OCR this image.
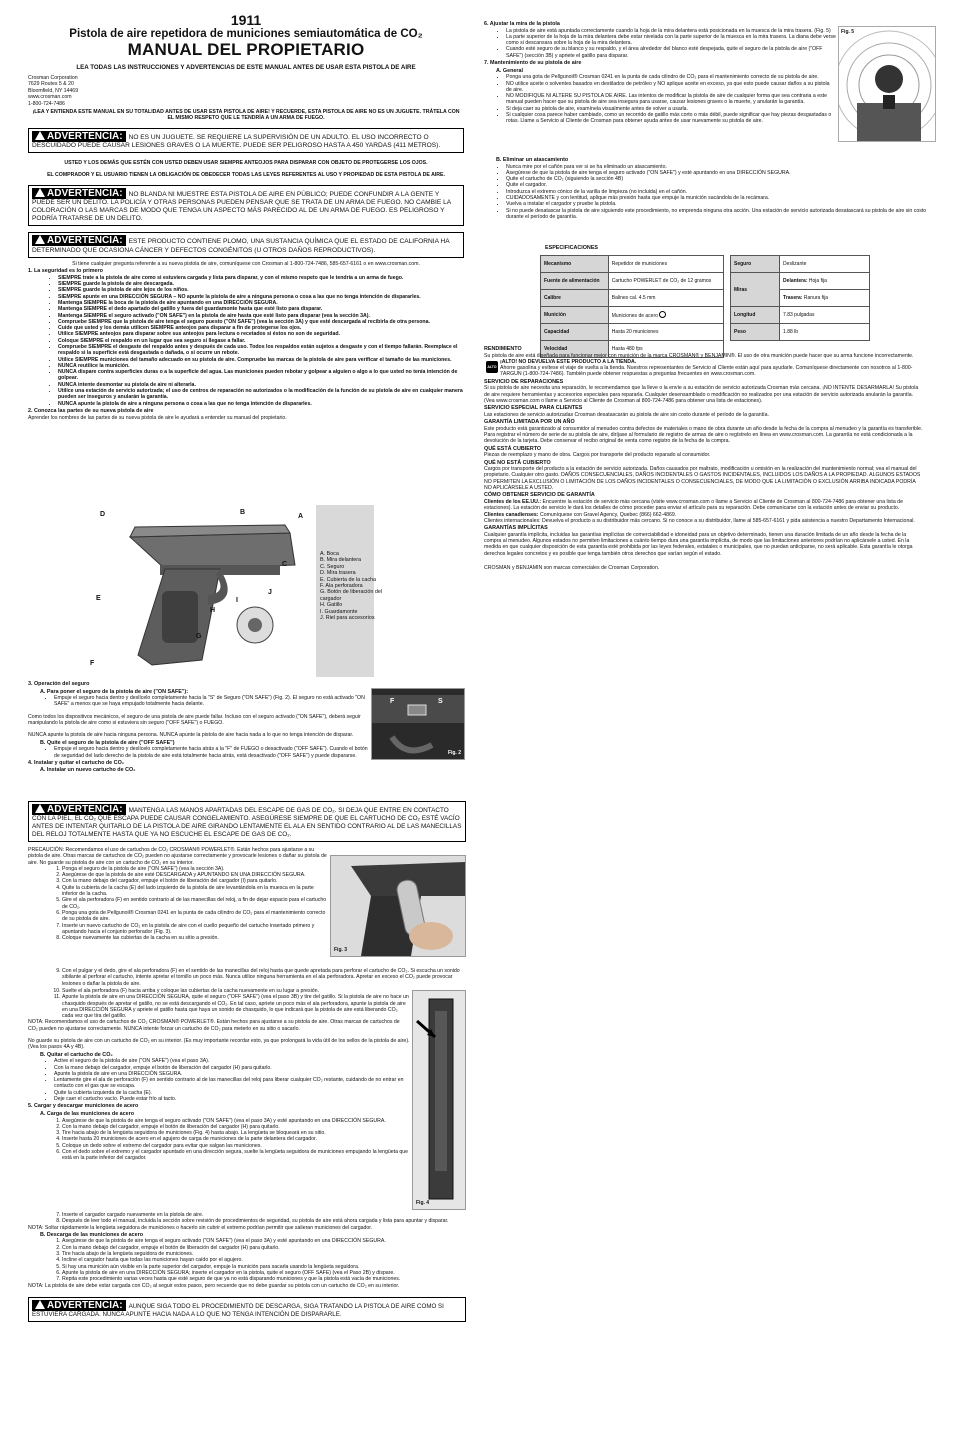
1911

Pistola de aire repetidora de municiones semiautomática de CO₂

MANUAL DEL PROPIETARIO

LEA TODAS LAS INSTRUCCIONES Y ADVERTENCIAS DE ESTE MANUAL ANTES DE USAR ESTA PISTOLA DE AIRE

Crosman Corporation
7629 Routes 5 & 20
Bloomfield, NY 14469
www.crosman.com
1-800-724-7486

¡LEA Y ENTIENDA ESTE MANUAL EN SU TOTALIDAD ANTES DE USAR ESTA PISTOLA DE AIRE! Y RECUERDE, ESTA PISTOLA DE AIRE NO ES UN JUGUETE. TRÁTELA CON EL MISMO RESPETO QUE LE TENDRÍA A UN ARMA DE FUEGO.

ADVERTENCIA: NO ES UN JUGUETE. SE REQUIERE LA SUPERVISIÓN DE UN ADULTO. EL USO INCORRECTO O DESCUIDADO PUEDE CAUSAR LESIONES GRAVES O LA MUERTE. PUEDE SER PELIGROSO HASTA A 450 YARDAS (411 METROS).

USTED Y LOS DEMÁS QUE ESTÉN CON USTED DEBEN USAR SIEMPRE ANTEOJOS PARA DISPARAR CON OBJETO DE PROTEGERSE LOS OJOS.

EL COMPRADOR Y EL USUARIO TIENEN LA OBLIGACIÓN DE OBEDECER TODAS LAS LEYES REFERENTES AL USO Y PROPIEDAD DE ESTA PISTOLA DE AIRE.

ADVERTENCIA: NO BLANDA NI MUESTRE ESTA PISTOLA DE AIRE EN PÚBLICO; PUEDE CONFUNDIR A LA GENTE Y PUEDE SER UN DELITO. LA POLICÍA Y OTRAS PERSONAS PUEDEN PENSAR QUE SE TRATA DE UN ARMA DE FUEGO. NO CAMBIE LA COLORACIÓN O LAS MARCAS DE MODO QUE TENGA UN ASPECTO MÁS PARECIDO AL DE UN ARMA DE FUEGO. ES PELIGROSO Y PODRÍA TRATARSE DE UN DELITO.
ADVERTENCIA: ESTE PRODUCTO CONTIENE PLOMO, UNA SUSTANCIA QUÍMICA QUE EL ESTADO DE CALIFORNIA HA DETERMINADO QUE OCASIONA CÁNCER Y DEFECTOS CONGÉNITOS (U OTROS DAÑOS REPRODUCTIVOS).

Si tiene cualquier pregunta referente a su nueva pistola de aire, comuníquese con Crosman al 1-800-724-7486, 585-657-6161 o en www.crosman.com.

1. La seguridad es lo primero

• SIEMPRE trate a la pistola de aire como si estuviera cargada y lista para disparar, y con el mismo respeto que le tendría a un arma de fuego.
• SIEMPRE guarde la pistola de aire descargada.
• SIEMPRE guarde la pistola de aire lejos de los niños.
• SIEMPRE apunte en una DIRECCIÓN SEGURA – NO apunte la pistola de aire a ninguna persona o cosa a las que no tenga intención de dispararles.
• Mantenga SIEMPRE la boca de la pistola de aire apuntando en una DIRECCIÓN SEGURA.
• Mantenga SIEMPRE el dedo apartado del gatillo y fuera del guardamonte hasta que esté listo para disparar.
• Mantenga SIEMPRE el seguro activado ("ON SAFE") en la pistola de aire hasta que esté listo para disparar (vea la sección 3A).
• Compruebe SIEMPRE que la pistola de aire tenga el seguro puesto ("ON SAFE") (vea la sección 3A) y que esté descargada al recibirla de otra persona.
• Cuide que usted y los demás utilicen SIEMPRE anteojos para disparar a fin de protegerse los ojos.
• Utilice SIEMPRE anteojos para disparar sobre sus anteojos para lectura o recetados si éstos no son de seguridad.
• Coloque SIEMPRE el respaldo en un lugar que sea seguro si llegase a fallar.
• Compruebe SIEMPRE el desgaste del respaldo antes y después de cada uso. Todos los respaldos están sujetos a desgaste y con el tiempo fallarán. Reemplace el respaldo si la superficie está desgastada o dañada, o si ocurre un rebote.
• Utilice SIEMPRE municiones del tamaño adecuado en su pistola de aire. Compruebe las marcas de la pistola de aire para verificar el tamaño de las municiones.
• NUNCA reutilice la munición.
• NUNCA dispare contra superficies duras o a la superficie del agua. Las municiones pueden rebotar y golpear a alguien o algo a lo que usted no tenía intención de golpear.
• NUNCA intente desmontar su pistola de aire ni alterarla.
• Utilice una estación de servicio autorizada; el uso de centros de reparación no autorizados o la modificación de la función de su pistola de aire en cualquier manera pueden ser inseguros y anularán la garantía.
• NUNCA apunte la pistola de aire a ninguna persona o cosa a las que no tenga intención de dispararles.

2. Conozca las partes de su nueva pistola de aire

Aprender los nombres de las partes de su nueva pistola de aire le ayudará a entender su manual del propietario.

D	B
A
C
J
E	I
H
G
F
A. Boca
B. Mira delantera
C. Seguro
D. Mira trasera
E. Cubierta de la cacha
F. Ala perforadora
G. Botón de liberación del cargador
H. Gatillo
I. Guardamonte
J. Riel para accesorios

3. Operación del seguro

A. Para poner el seguro de la pistola de aire ("ON SAFE"):

• Empuje el seguro hacia dentro y deslícelo completamente hacia la "S" de Seguro ("ON SAFE") (Fig. 2). El seguro no está activado "ON SAFE" a menos que se haya empujado totalmente hacia delante.

Como todos los dispositivos mecánicos, el seguro de una pistola de aire puede fallar. Incluso con el seguro activado ("ON SAFE"), deberá seguir manipulando la pistola de aire como si estuviera sin seguro ("OFF SAFE") o FUEGO.

NUNCA apunte la pistola de aire hacia ninguna persona. NUNCA apunte la pistola de aire hacia nada a lo que no tenga intención de disparar.

B. Quite el seguro de la pistola de aire ("OFF SAFE")

• Empuje el seguro hacia dentro y deslícelo completamente hacia atrás a la "F" de FUEGO o desactivado ("OFF SAFE"). Cuando el botón de seguridad del lado derecho de la pistola de aire está totalmente hacia atrás, está desactivado ("OFF SAFE") y puede dispararse.

4. Instalar y quitar el cartucho de CO₂

A. Instalar un nuevo cartucho de CO₂

F	S
Fig. 2
ADVERTENCIA: MANTENGA LAS MANOS APARTADAS DEL ESCAPE DE GAS DE CO₂. SI DEJA QUE ENTRE EN CONTACTO CON LA PIEL, EL CO₂ QUE ESCAPA PUEDE CAUSAR CONGELAMIENTO. ASEGÚRESE SIEMPRE DE QUE EL CARTUCHO DE CO₂ ESTÉ VACÍO ANTES DE INTENTAR QUITARLO DE LA PISTOLA DE AIRE GIRANDO LENTAMENTE EL ALA EN SENTIDO CONTRARIO AL DE LAS MANECILLAS DEL RELOJ TOTALMENTE HASTA QUE YA NO ESCUCHE EL ESCAPE DE GAS DE CO₂.

PRECAUCIÓN: Recomendamos el uso de cartuchos de CO₂ CROSMAN® POWERLET®. Están hechos para ajustarse a su pistola de aire. Otras marcas de cartuchos de CO₂ pueden no ajustarse correctamente y provocarle lesiones o dañar su pistola de aire. No guarde su pistola de aire con un cartucho de CO₂ en su interior.

1. Ponga el seguro de la pistola de aire ("ON SAFE") (vea la sección 3A).
2. Asegúrese de que la pistola de aire esté DESCARGADA y APUNTANDO EN UNA DIRECCIÓN SEGURA.
3. Con la mano debajo del cargador, empuje el botón de liberación del cargador (I) para quitarlo.
4. Quite la cubierta de la cacha (E) del lado izquierdo de la pistola de aire levantándola en la muesca en la parte inferior de la cacha.
5. Gire el ala perforadora (F) en sentido contrario al de las manecillas del reloj, a fin de dejar espacio para el cartucho de CO₂.
6. Ponga una gota de Pellgunoil® Crosman 0241 en la punta de cada cilindro de CO₂ para el mantenimiento correcto de su pistola de aire.
7. Inserte un nuevo cartucho de CO₂ en la pistola de aire con el cuello pequeño del cartucho insertado primero y apuntando hacia el conjunto perforador (Fig. 3).
8. Coloque nuevamente las cubiertas de la cacha en su sitio a presión.
Fig. 3
9. Con el pulgar y el dedo, gire el ala perforadora (F) en el sentido de las manecillas del reloj hasta que quede apretada para perforar el cartucho de CO₂. Si escucha un sonido sibilante al perforar el cartucho, intente apretar el tornillo un poco más. Nunca utilice ninguna herramienta en el ala perforadora. Apretar en exceso el CO₂ puede provocar lesiones o dañar la pistola de aire.
10. Suelte el ala perforadora (F) hacia arriba y coloque las cubiertas de la cacha nuevamente en su lugar a presión.
11. Apunte la pistola de aire en una DIRECCIÓN SEGURA, quite el seguro ("OFF SAFE") (vea el paso 3B) y tire del gatillo. Si la pistola de aire no hace un chasquido después de apretar el gatillo, no se está descargando el CO₂. En tal caso, apriete un poco más el ala perforadora, apunte la pistola de aire en una DIRECCIÓN SEGURA y apriete el gatillo hasta que haya un sonido de chasquido, lo que indicará que la pistola de aire está liberando CO₂ cada vez que tira del gatillo.

NOTA: Recomendamos el uso de cartuchos de CO₂ CROSMAN® POWERLET®. Están hechos para ajustarse a su pistola de aire. Otras marcas de cartuchos de CO₂ pueden no ajustarse correctamente. NUNCA intente forzar un cartucho de CO₂ para meterlo en su sitio o sacarlo.

No guarde su pistola de aire con un cartucho de CO₂ en su interior. (Es muy importante recordar esto, ya que prolongará la vida útil de los sellos de la pistola de aire). (Vea los pasos 4A y 4B).

B. Quitar el cartucho de CO₂

• Active el seguro de la pistola de aire ("ON SAFE") (vea el paso 3A).
• Con la mano debajo del cargador, empuje el botón de liberación del cargador (H) para quitarlo.
• Apunte la pistola de aire en una DIRECCIÓN SEGURA.
• Lentamente gire el ala de perforación (F) en sentido contrario al de las manecillas del reloj para liberar cualquier CO₂ restante, cuidando de no entrar en contacto con el gas que se escapa.
• Quite la cubierta izquierda de la cacha (E).
• Deje caer el cartucho vacío. Puede estar frío al tacto.

5. Cargar y descargar municiones de acero

A. Carga de las municiones de acero

1. Asegúrese de que la pistola de aire tenga el seguro activado ("ON SAFE") (vea el paso 3A) y esté apuntando en una DIRECCIÓN SEGURA.
2. Con la mano debajo del cargador, empuje el botón de liberación del cargador (H) para quitarlo.
3. Tire hacia abajo de la lengüeta seguidora de municiones (Fig. 4) hasta abajo. La lengüeta se bloqueará en su sitio.
4. Inserte hasta 20 municiones de acero en el agujero de carga de municiones de la parte delantera del cargador.
5. Coloque un dedo sobre el extremo del cargador para evitar que salgan las municiones.
6. Con el dedo sobre el extremo y el cargador apuntado en una dirección segura, suelte la lengüeta seguidora de municiones empujando la lengüeta que está en la parte inferior del cargador.
Fig. 4
7. Inserte el cargador cargado nuevamente en la pistola de aire.
8. Después de leer todo el manual, incluida la sección sobre revisión de procedimientos de seguridad, su pistola de aire está ahora cargada y lista para apuntar y disparar.

NOTA: Soltar rápidamente la lengüeta seguidora de municiones o hacerlo sin cubrir el extremo podrían permitir que salieran municiones del cargador.

B. Descarga de las municiones de acero

1. Asegúrese de que la pistola de aire tenga el seguro activado ("ON SAFE") (vea el paso 3A) y esté apuntando en una DIRECCIÓN SEGURA.
2. Con la mano debajo del cargador, empuje el botón de liberación del cargador (H) para quitarlo.
3. Tire hacia abajo de la lengüeta seguidora de municiones.
4. Incline el cargador hasta que todas las municiones hayan caído por el agujero.
5. Si hay una munición aún visible en la parte superior del cargador, empuje la munición para sacarla usando la lengüeta seguidora.
6. Apunte la pistola de aire en una DIRECCIÓN SEGURA; inserte el cargador en la pistola, quite el seguro (OFF SAFE) (vea el Paso 2B) y dispare.
7. Repita este procedimiento varias veces hasta que esté seguro de que ya no está disparando municiones y que la pistola está vacía de municiones.

NOTA: La pistola de aire debe estar cargada con CO₂ al seguir estos pasos, pero recuerde que no debe guardar su pistola con un cartucho de CO₂ en su interior.

ADVERTENCIA: AUNQUE SIGA TODO EL PROCEDIMIENTO DE DESCARGA, SIGA TRATANDO LA PISTOLA DE AIRE COMO SI ESTUVIERA CARGADA. NUNCA APUNTE HACIA NADA A LO QUE NO TENGA INTENCIÓN DE DISPARARLE.

6. Ajustar la mira de la pistola

• La pistola de aire está apuntada correctamente cuando la hoja de la mira delantera está posicionada en la muesca de la mira trasera. (Fig. 5)
• La parte superior de la hoja de la mira delantera debe estar nivelada con la parte superior de la muesca en la mira trasera. La diana debe verse como si descansara sobre la hoja de la mira delantera.
• Cuando esté seguro de su blanco y su respaldo, y el área alrededor del blanco esté despejada, quite el seguro de la pistola de aire ("OFF SAFE") (sección 3B) y apriete el gatillo para disparar.

7. Mantenimiento de su pistola de aire

A. General

• Ponga una gota de Pellgunoil® Crosman 0241 en la punta de cada cilindro de CO₂ para el mantenimiento correcto de su pistola de aire.
• NO utilice aceite o solventes basados en destilados de petróleo y NO aplique aceite en exceso, ya que esto puede causar daños a su pistola de aire.
• NO MODIFIQUE NI ALTERE SU PISTOLA DE AIRE. Las intentos de modificar la pistola de aire de cualquier forma que sea contraria a este manual pueden hacer que su pistola de aire sea insegura para usarse, causar lesiones graves o la muerte, y anularán la garantía.
• Si deja caer su pistola de aire, examínela visualmente antes de volver a usarla.
• Si cualquier cosa parece haber cambiado, como un recorrido de gatillo más corto o más débil, puede significar que hay piezas desgastadas o rotas. Llame a Servicio al Cliente de Crosman para obtener ayuda antes de usar nuevamente su pistola de aire.
Fig. 5

B. Eliminar un atascamiento

• Nunca mire por el cañón para ver si se ha eliminado un atascamiento.
• Asegúrese de que la pistola de aire tenga el seguro activado ("ON SAFE") y esté apuntando en una DIRECCIÓN SEGURA.
• Quite el cartucho de CO₂ (siguiendo la sección 4B)
• Quite el cargador.
• Introduzca el extremo cónico de la varilla de limpieza (no incluida) en el cañón.
• CUIDADOSAMENTE y con lentitud, aplique más presión hasta que empuje la munición sacándola de la recámara.
• Vuelva a instalar el cargador y pruebe la pistola.
• Si no puede desatascar la pistola de aire siguiendo este procedimiento, no emprenda ninguna otra acción. Una estación de servicio autorizada desatascará su pistola de aire sin costo durante el período de garantía.

ESPECIFICACIONES

Mecanismo	Repetidor de municiones
Fuente de alimentación	Cartucho POWERLET de CO₂ de 12 gramos
Calibre	Balines cal. 4.5 mm
Munición	Municiones de acero
Capacidad	Hasta 20 municiones
Velocidad	Hasta 480 fps
Seguro	Deslizante
Miras	Delantera: Hoja fija
	Trasera: Ranura fija
Longitud	7.83 pulgadas
Peso	1.88 lb

RENDIMIENTO

Su pistola de aire está diseñada para funcionar mejor con munición de la marca CROSMAN® y BENJAMIN®. El uso de otra munición puede hacer que su arma funcione incorrectamente.

ALTO

¡ALTO! NO DEVUELVA ESTE PRODUCTO A LA TIENDA.

Ahorre gasolina y evítese el viaje de vuelta a la tienda. Nuestros representantes de Servicio al Cliente están aquí para ayudarle. Comuníquese directamente con nosotros al 1-800-7ARGUN (1-800-724-7486). También puede obtener respuestas a preguntas frecuentes en www.crosman.com.

SERVICIO DE REPARACIONES

Si su pistola de aire necesita una reparación, le recomendamos que la lleve o la envíe a su estación de servicio autorizada Crosman más cercana. ¡NO INTENTE DESARMARLA! Su pistola de aire requiere herramientas y accesorios especiales para repararla. Cualquier desensamblado o modificación no realizados por una estación de servicio autorizada anularán la garantía. (Vea www.crosman.com o llame a Servicio al Cliente de Crosman al 800-724-7486 para obtener una lista de estaciones).

SERVICIO ESPECIAL PARA CLIENTES

Las estaciones de servicio autorizadas Crosman desatascarán su pistola de aire sin costo durante el período de la garantía.

GARANTÍA LIMITADA POR UN AÑO

Este producto está garantizado al consumidor al menudeo contra defectos de materiales o mano de obra durante un año desde la fecha de la compra al menudeo y la garantía es transferible. Para registrar el número de serie de su pistola de aire, diríjase al formulario de registro de armas de aire o regístrelo en línea en www.crosman.com. La garantía no está condicionada a la devolución de la tarjeta. Debe conservar el recibo original de venta como registro de la fecha de la compra.

QUÉ ESTÁ CUBIERTO

Piezas de reemplazo y mano de obra. Cargos por transporte del producto reparado al consumidor.

QUÉ NO ESTÁ CUBIERTO

Cargos por transporte del producto a la estación de servicio autorizada. Daños causados por maltrato, modificación u omisión en la realización del mantenimiento normal; vea el manual del propietario. Cualquier otro gasto. DAÑOS CONSECUENCIALES, DAÑOS INCIDENTALES O GASTOS INCIDENTALES, INCLUIDOS LOS DAÑOS A LA PROPIEDAD. ALGUNOS ESTADOS NO PERMITEN LA EXCLUSIÓN O LIMITACIÓN DE LOS DAÑOS INCIDENTALES O CONSECUENCIALES, DE MODO QUE LA LIMITACIÓN O EXCLUSIÓN ARRIBA INDICADA PODRÍA NO APLICÁRSELE A USTED.

CÓMO OBTENER SERVICIO DE GARANTÍA

Clientes de los EE.UU.: Encuentre la estación de servicio más cercana (visite www.crosman.com o llame a Servicio al Cliente de Crosman al 800-724-7486 para obtener una lista de estaciones). La estación de servicio le dará los detalles de cómo proceder para enviar el artículo para su reparación. Debe comunicarse con la estación antes de enviar su producto.

Clientes canadienses: Comuníquese con Gravel Agency, Quebec (866) 662-4869.

Clientes internacionales: Devuelva el producto a su distribuidor más cercano. Si no conoce a su distribuidor, llame al 585-657-6161 y pida asistencia a nuestro Departamento Internacional.

GARANTÍAS IMPLÍCITAS

Cualquier garantía implícita, incluidas las garantías implícitas de comerciabilidad e idoneidad para un objetivo determinado, tienen una duración limitada de un año desde la fecha de la compra al menudeo. Algunos estados no permiten limitaciones a cuánto tiempo dura una garantía implícita, de modo que las limitaciones anteriores podrían no aplicársele a usted. En la medida en que cualquier disposición de esta garantía esté prohibida por las leyes federales, estatales o municipales, que no puedan anticiparse, no será aplicable. Esta garantía le otorga derechos legales concretos y es posible que tenga también otros derechos que varían según el estado.

CROSMAN y BENJAMIN son marcas comerciales de Crosman Corporation.
